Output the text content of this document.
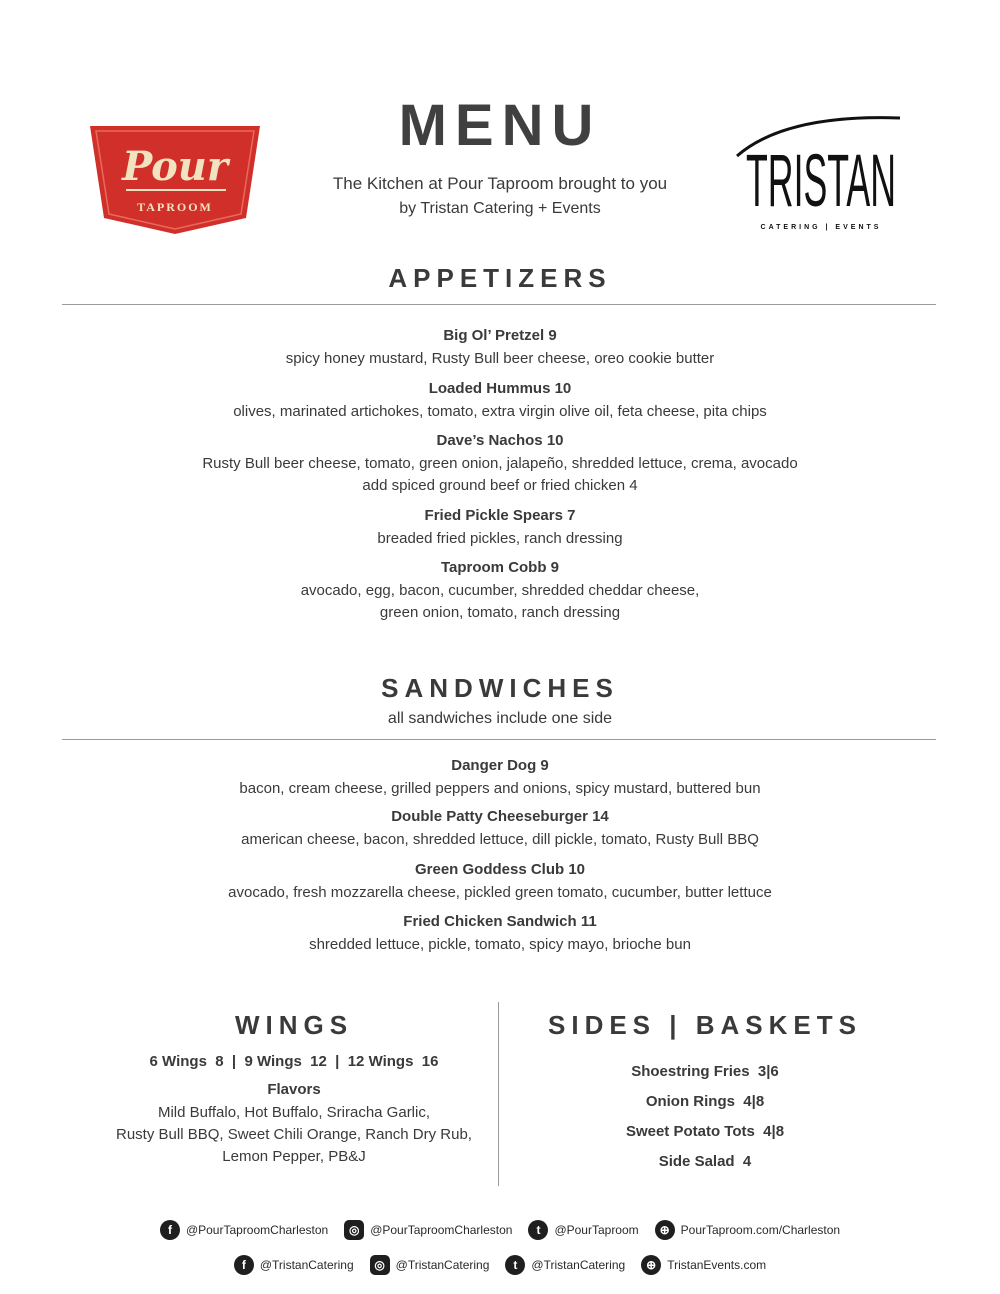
Pour
TAPROOM
MENU
The Kitchen at Pour Taproom brought to you
by Tristan Catering + Events	TRISTAN
CATERING | EVENTS
APPETIZERS
Big Ol’ Pretzel 9
spicy honey mustard, Rusty Bull beer cheese, oreo cookie butter
Loaded Hummus 10
olives, marinated artichokes, tomato, extra virgin olive oil, feta cheese, pita chips
Dave’s Nachos 10
Rusty Bull beer cheese, tomato, green onion, jalapeño, shredded lettuce, crema, avocado
add spiced ground beef or fried chicken 4
Fried Pickle Spears 7
breaded fried pickles, ranch dressing
Taproom Cobb 9
avocado, egg, bacon, cucumber, shredded cheddar cheese,
green onion, tomato, ranch dressing
SANDWICHES
all sandwiches include one side
Danger Dog 9
bacon, cream cheese, grilled peppers and onions, spicy mustard, buttered bun
Double Patty Cheeseburger 14
american cheese, bacon, shredded lettuce, dill pickle, tomato, Rusty Bull BBQ
Green Goddess Club 10
avocado, fresh mozzarella cheese, pickled green tomato, cucumber, butter lettuce
Fried Chicken Sandwich 11
shredded lettuce, pickle, tomato, spicy mayo, brioche bun
WINGS
6 Wings  8  |  9 Wings  12  |  12 Wings  16
Flavors
Mild Buffalo, Hot Buffalo, Sriracha Garlic,
Rusty Bull BBQ, Sweet Chili Orange, Ranch Dry Rub,
Lemon Pepper, PB&J
SIDES | BASKETS
Shoestring Fries  3|6
Onion Rings  4|8
Sweet Potato Tots  4|8
Side Salad  4
f	@PourTaproomCharleston	◎ @PourTaproomCharleston	t	@PourTaproom	⊕ PourTaproom.com/Charleston
f	@TristanCatering	◎ @TristanCatering	t	@TristanCatering	⊕ TristanEvents.com
